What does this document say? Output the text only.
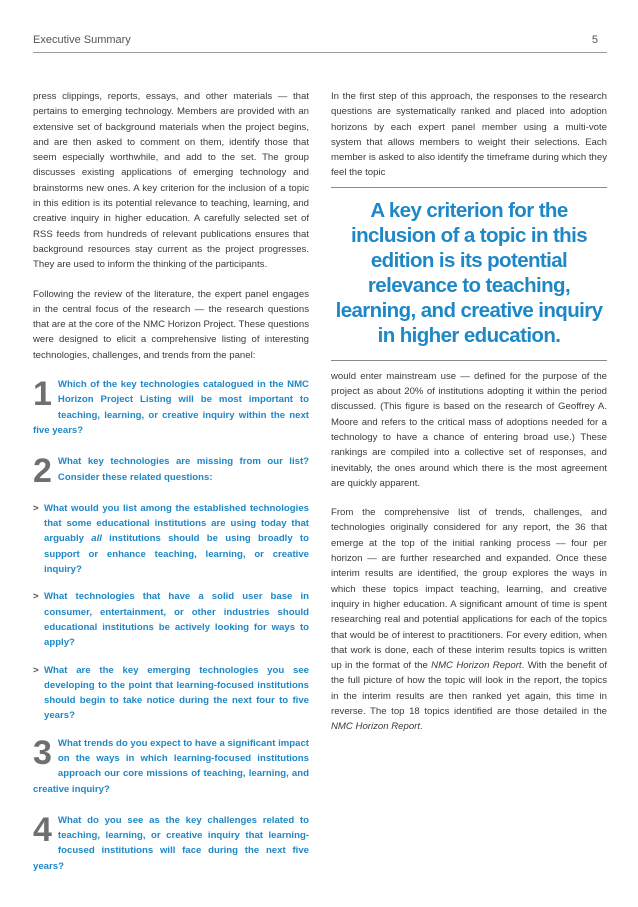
Executive Summary	5

press clippings, reports, essays, and other materials — that pertains to emerging technology. Members are provided with an extensive set of background materials when the project begins, and are then asked to comment on them, identify those that seem especially worthwhile, and add to the set. The group discusses existing applications of emerging technology and brainstorms new ones. A key criterion for the inclusion of a topic in this edition is its potential relevance to teaching, learning, and creative inquiry in higher education. A carefully selected set of RSS feeds from hundreds of relevant publications ensures that background resources stay current as the project progresses. They are used to inform the thinking of the participants.

Following the review of the literature, the expert panel engages in the central focus of the research — the research questions that are at the core of the NMC Horizon Project. These questions were designed to elicit a comprehensive listing of interesting technologies, challenges, and trends from the panel:

1 Which of the key technologies catalogued in the NMC Horizon Project Listing will be most important to teaching, learning, or creative inquiry within the next five years?
2 What key technologies are missing from our list? Consider these related questions:
> What would you list among the established technologies that some educational institutions are using today that arguably all institutions should be using broadly to support or enhance teaching, learning, or creative inquiry?
> What technologies that have a solid user base in consumer, entertainment, or other industries should educational institutions be actively looking for ways to apply?
> What are the key emerging technologies you see developing to the point that learning-focused institutions should begin to take notice during the next four to five years?
3 What trends do you expect to have a significant impact on the ways in which learning-focused institutions approach our core missions of teaching, learning, and creative inquiry?
4 What do you see as the key challenges related to teaching, learning, or creative inquiry that learning-focused institutions will face during the next five years?

In the first step of this approach, the responses to the research questions are systematically ranked and placed into adoption horizons by each expert panel member using a multi-vote system that allows members to weight their selections. Each member is asked to also identify the timeframe during which they feel the topic

A key criterion for the inclusion of a topic in this edition is its potential relevance to teaching, learning, and creative inquiry in higher education.

would enter mainstream use — defined for the purpose of the project as about 20% of institutions adopting it within the period discussed. (This figure is based on the research of Geoffrey A. Moore and refers to the critical mass of adoptions needed for a technology to have a chance of entering broad use.) These rankings are compiled into a collective set of responses, and inevitably, the ones around which there is the most agreement are quickly apparent.

From the comprehensive list of trends, challenges, and technologies originally considered for any report, the 36 that emerge at the top of the initial ranking process — four per horizon — are further researched and expanded. Once these interim results are identified, the group explores the ways in which these topics impact teaching, learning, and creative inquiry in higher education. A significant amount of time is spent researching real and potential applications for each of the topics that would be of interest to practitioners. For every edition, when that work is done, each of these interim results topics is written up in the format of the NMC Horizon Report. With the benefit of the full picture of how the topic will look in the report, the topics in the interim results are then ranked yet again, this time in reverse. The top 18 topics identified are those detailed in the NMC Horizon Report.
